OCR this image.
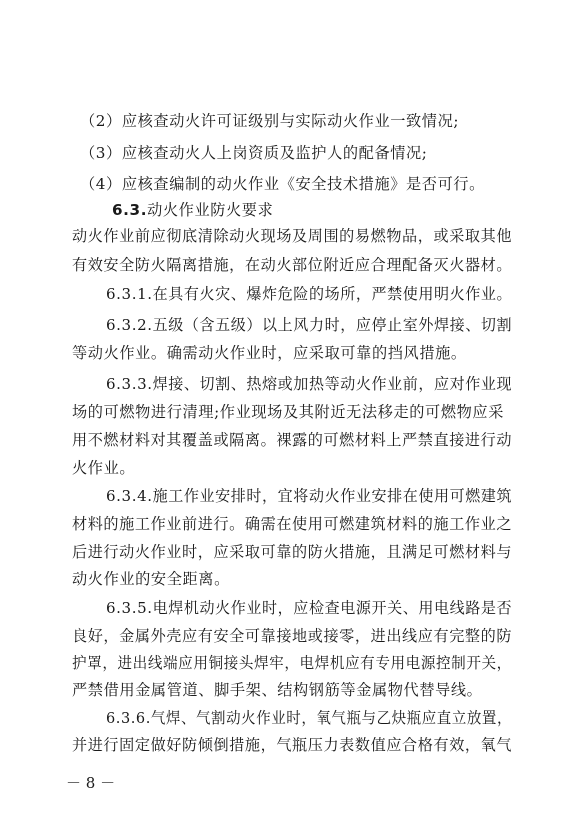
（2）应核查动火许可证级别与实际动火作业一致情况;
（3）应核查动火人上岗资质及监护人的配备情况;
（4）应核查编制的动火作业《安全技术措施》是否可行。
6.3.动火作业防火要求
动火作业前应彻底清除动火现场及周围的易燃物品，或采取其他
有效安全防火隔离措施，在动火部位附近应合理配备灭火器材。
6.3.1.在具有火灾、爆炸危险的场所，严禁使用明火作业。
6.3.2.五级（含五级）以上风力时，应停止室外焊接、切割
等动火作业。确需动火作业时，应采取可靠的挡风措施。
6.3.3.焊接、切割、热熔或加热等动火作业前，应对作业现
场的可燃物进行清理;作业现场及其附近无法移走的可燃物应采
用不燃材料对其覆盖或隔离。裸露的可燃材料上严禁直接进行动
火作业。
6.3.4.施工作业安排时，宜将动火作业安排在使用可燃建筑
材料的施工作业前进行。确需在使用可燃建筑材料的施工作业之
后进行动火作业时，应采取可靠的防火措施，且满足可燃材料与
动火作业的安全距离。
6.3.5.电焊机动火作业时，应检查电源开关、用电线路是否
良好，金属外壳应有安全可靠接地或接零，进出线应有完整的防
护罩，进出线端应用铜接头焊牢，电焊机应有专用电源控制开关，
严禁借用金属管道、脚手架、结构钢筋等金属物代替导线。
6.3.6.气焊、气割动火作业时，氧气瓶与乙炔瓶应直立放置，
并进行固定做好防倾倒措施，气瓶压力表数值应合格有效，氧气
－ 8 －
